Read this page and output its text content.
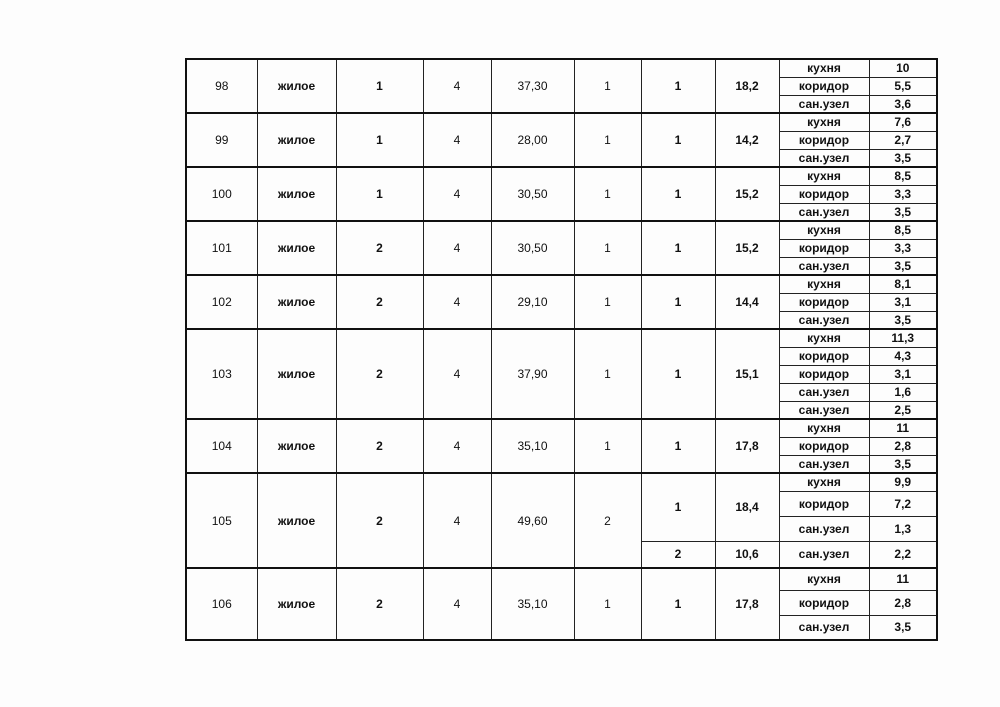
98	жилое	1	4	37,30	1	1	18,2	кухня	10
								коридор	5,5
								сан.узел	3,6
99	жилое	1	4	28,00	1	1	14,2	кухня	7,6
								коридор	2,7
								сан.узел	3,5
100	жилое	1	4	30,50	1	1	15,2	кухня	8,5
								коридор	3,3
								сан.узел	3,5
101	жилое	2	4	30,50	1	1	15,2	кухня	8,5
								коридор	3,3
								сан.узел	3,5
102	жилое	2	4	29,10	1	1	14,4	кухня	8,1
								коридор	3,1
								сан.узел	3,5
103	жилое	2	4	37,90	1	1	15,1	кухня	11,3
								коридор	4,3
								коридор	3,1
								сан.узел	1,6
								сан.узел	2,5
104	жилое	2	4	35,10	1	1	17,8	кухня	11
								коридор	2,8
								сан.узел	3,5
105	жилое	2	4	49,60	2	1	18,4	кухня	9,9
								коридор	7,2
								сан.узел	1,3
						2	10,6	сан.узел	2,2
106	жилое	2	4	35,10	1	1	17,8	кухня	11
								коридор	2,8
								сан.узел	3,5
